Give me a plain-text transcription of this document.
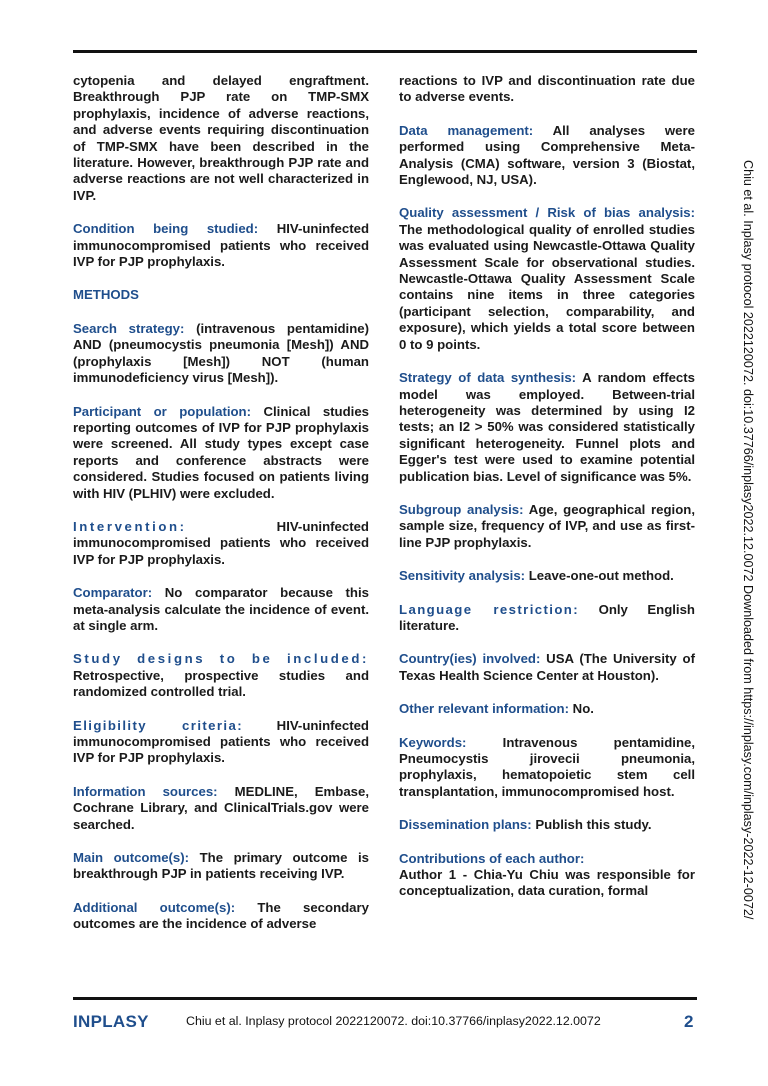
cytopenia and delayed engraftment. Breakthrough PJP rate on TMP-SMX prophylaxis, incidence of adverse reactions, and adverse events requiring discontinuation of TMP-SMX have been described in the literature. However, breakthrough PJP rate and adverse reactions are not well characterized in IVP.

Condition being studied: HIV-uninfected immunocompromised patients who received IVP for PJP prophylaxis.

METHODS

Search strategy: (intravenous pentamidine) AND (pneumocystis pneumonia [Mesh]) AND (prophylaxis [Mesh]) NOT (human immunodeficiency virus [Mesh]).

Participant or population: Clinical studies reporting outcomes of IVP for PJP prophylaxis were screened. All study types except case reports and conference abstracts were considered. Studies focused on patients living with HIV (PLHIV) were excluded.

Intervention:	HIV-uninfected immunocompromised patients who received IVP for PJP prophylaxis.

Comparator: No comparator because this meta-analysis calculate the incidence of event. at single arm.

Study designs to be included: Retrospective, prospective studies and randomized controlled trial.

Eligibility criteria:	HIV-uninfected immunocompromised patients who received IVP for PJP prophylaxis.

Information sources: MEDLINE, Embase, Cochrane Library, and ClinicalTrials.gov were searched.

Main outcome(s): The primary outcome is breakthrough PJP in patients receiving IVP.

Additional outcome(s): The secondary outcomes are the incidence of adverse

reactions to IVP and discontinuation rate due to adverse events.

Data management: All analyses were performed using Comprehensive Meta-Analysis (CMA) software, version 3 (Biostat, Englewood, NJ, USA).

Quality assessment / Risk of bias analysis: The methodological quality of enrolled studies was evaluated using Newcastle-Ottawa Quality Assessment Scale for observational studies. Newcastle-Ottawa Quality Assessment Scale contains nine items in three categories (participant selection, comparability, and exposure), which yields a total score between 0 to 9 points.

Strategy of data synthesis: A random effects model was employed. Between-trial heterogeneity was determined by using I2 tests; an I2 > 50% was considered statistically significant heterogeneity. Funnel plots and Egger's test were used to examine potential publication bias. Level of significance was 5%.

Subgroup analysis: Age, geographical region, sample size, frequency of IVP, and use as first-line PJP prophylaxis.

Sensitivity analysis: Leave-one-out method.

Language restriction: Only English literature.

Country(ies) involved: USA (The University of Texas Health Science Center at Houston).

Other relevant information: No.

Keywords:	Intravenous pentamidine, Pneumocystis jirovecii pneumonia, prophylaxis, hematopoietic stem cell transplantation, immunocompromised host.

Dissemination plans: Publish this study.

Contributions of each author:
Author 1 - Chia-Yu Chiu was responsible for conceptualization, data curation, formal	Chiu et al. Inplasy protocol 2022120072. doi:10.37766/inplasy2022.12.0072 Downloaded from https://inplasy.com/inplasy-2022-12-0072/
INPLASY	Chiu et al. Inplasy protocol 2022120072. doi:10.37766/inplasy2022.12.0072	2
